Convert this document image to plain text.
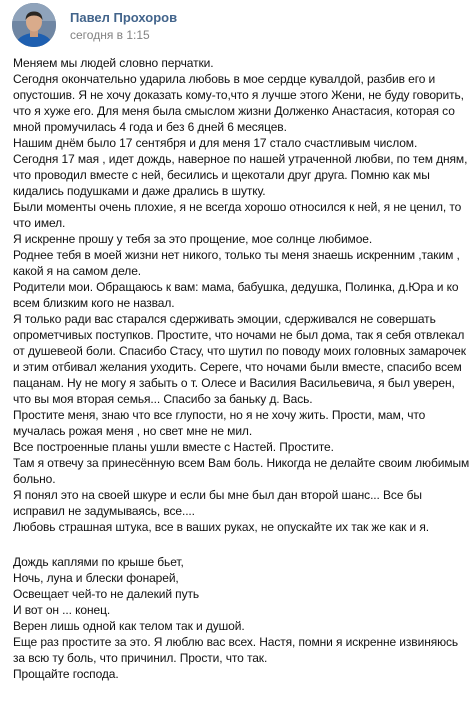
Павел Прохоров
сегодня в 1:15

Меняем мы людей словно перчатки.

Сегодня окончательно ударила любовь в мое сердце кувалдой, разбив его и опустошив. Я не хочу доказать кому-то,что я лучше этого Жени, не буду говорить, что я хуже его. Для меня была смыслом жизни Долженко Анастасия, которая со мной промучилась 4 года и без 6 дней 6 месяцев.

Нашим днём было 17 сентября и для меня 17 стало счастливым числом.

Сегодня 17 мая , идет дождь, наверное по нашей утраченной любви, по тем дням, что проводил вместе с ней, бесились и щекотали друг друга. Помню как мы кидались подушками и даже дрались в шутку.

Были моменты очень плохие, я не всегда хорошо относился к ней, я не ценил, то что имел.

Я искренне прошу у тебя за это прощение, мое солнце любимое.

Роднее тебя в моей жизни нет никого, только ты меня знаешь искренним ,таким , какой я на самом деле.

Родители мои. Обращаюсь к вам: мама, бабушка, дедушка, Полинка, д.Юра и ко всем близким кого не назвал.

Я только ради вас старался сдерживать эмоции, сдерживался не совершать опрометчивых поступков. Простите, что ночами не был дома, так я себя отвлекал от душевеой боли. Спасибо Стасу, что шутил по поводу моих головных замарочек и этим отбивал желания уходить. Сереге, что ночами были вместе, спасибо всем пацанам. Ну не могу я забыть о т. Олесе и Василия Васильевича, я был уверен, что вы моя вторая семья... Спасибо за баньку д. Вась.

Простите меня, знаю что все глупости, но я не хочу жить. Прости, мам, что мучалась рожая меня , но свет мне не мил.

Все построенные планы ушли вместе с Настей. Простите.

Там я отвечу за принесённую всем Вам боль. Никогда не делайте своим любимым больно.

Я понял это на своей шкуре и если бы мне был дан второй шанс... Все бы исправил не задумываясь, все....

Любовь страшная штука, все в ваших руках, не опускайте их так же как и я.

Дождь каплями по крыше бьет,

Ночь, луна и блески фонарей,

Освещает чей-то не далекий путь

И вот он ... конец.

Верен лишь одной как телом так и душой.

Еще раз простите за это. Я люблю вас всех. Настя, помни я искренне извиняюсь за всю ту боль, что причинил. Прости, что так.

Прощайте господа.
